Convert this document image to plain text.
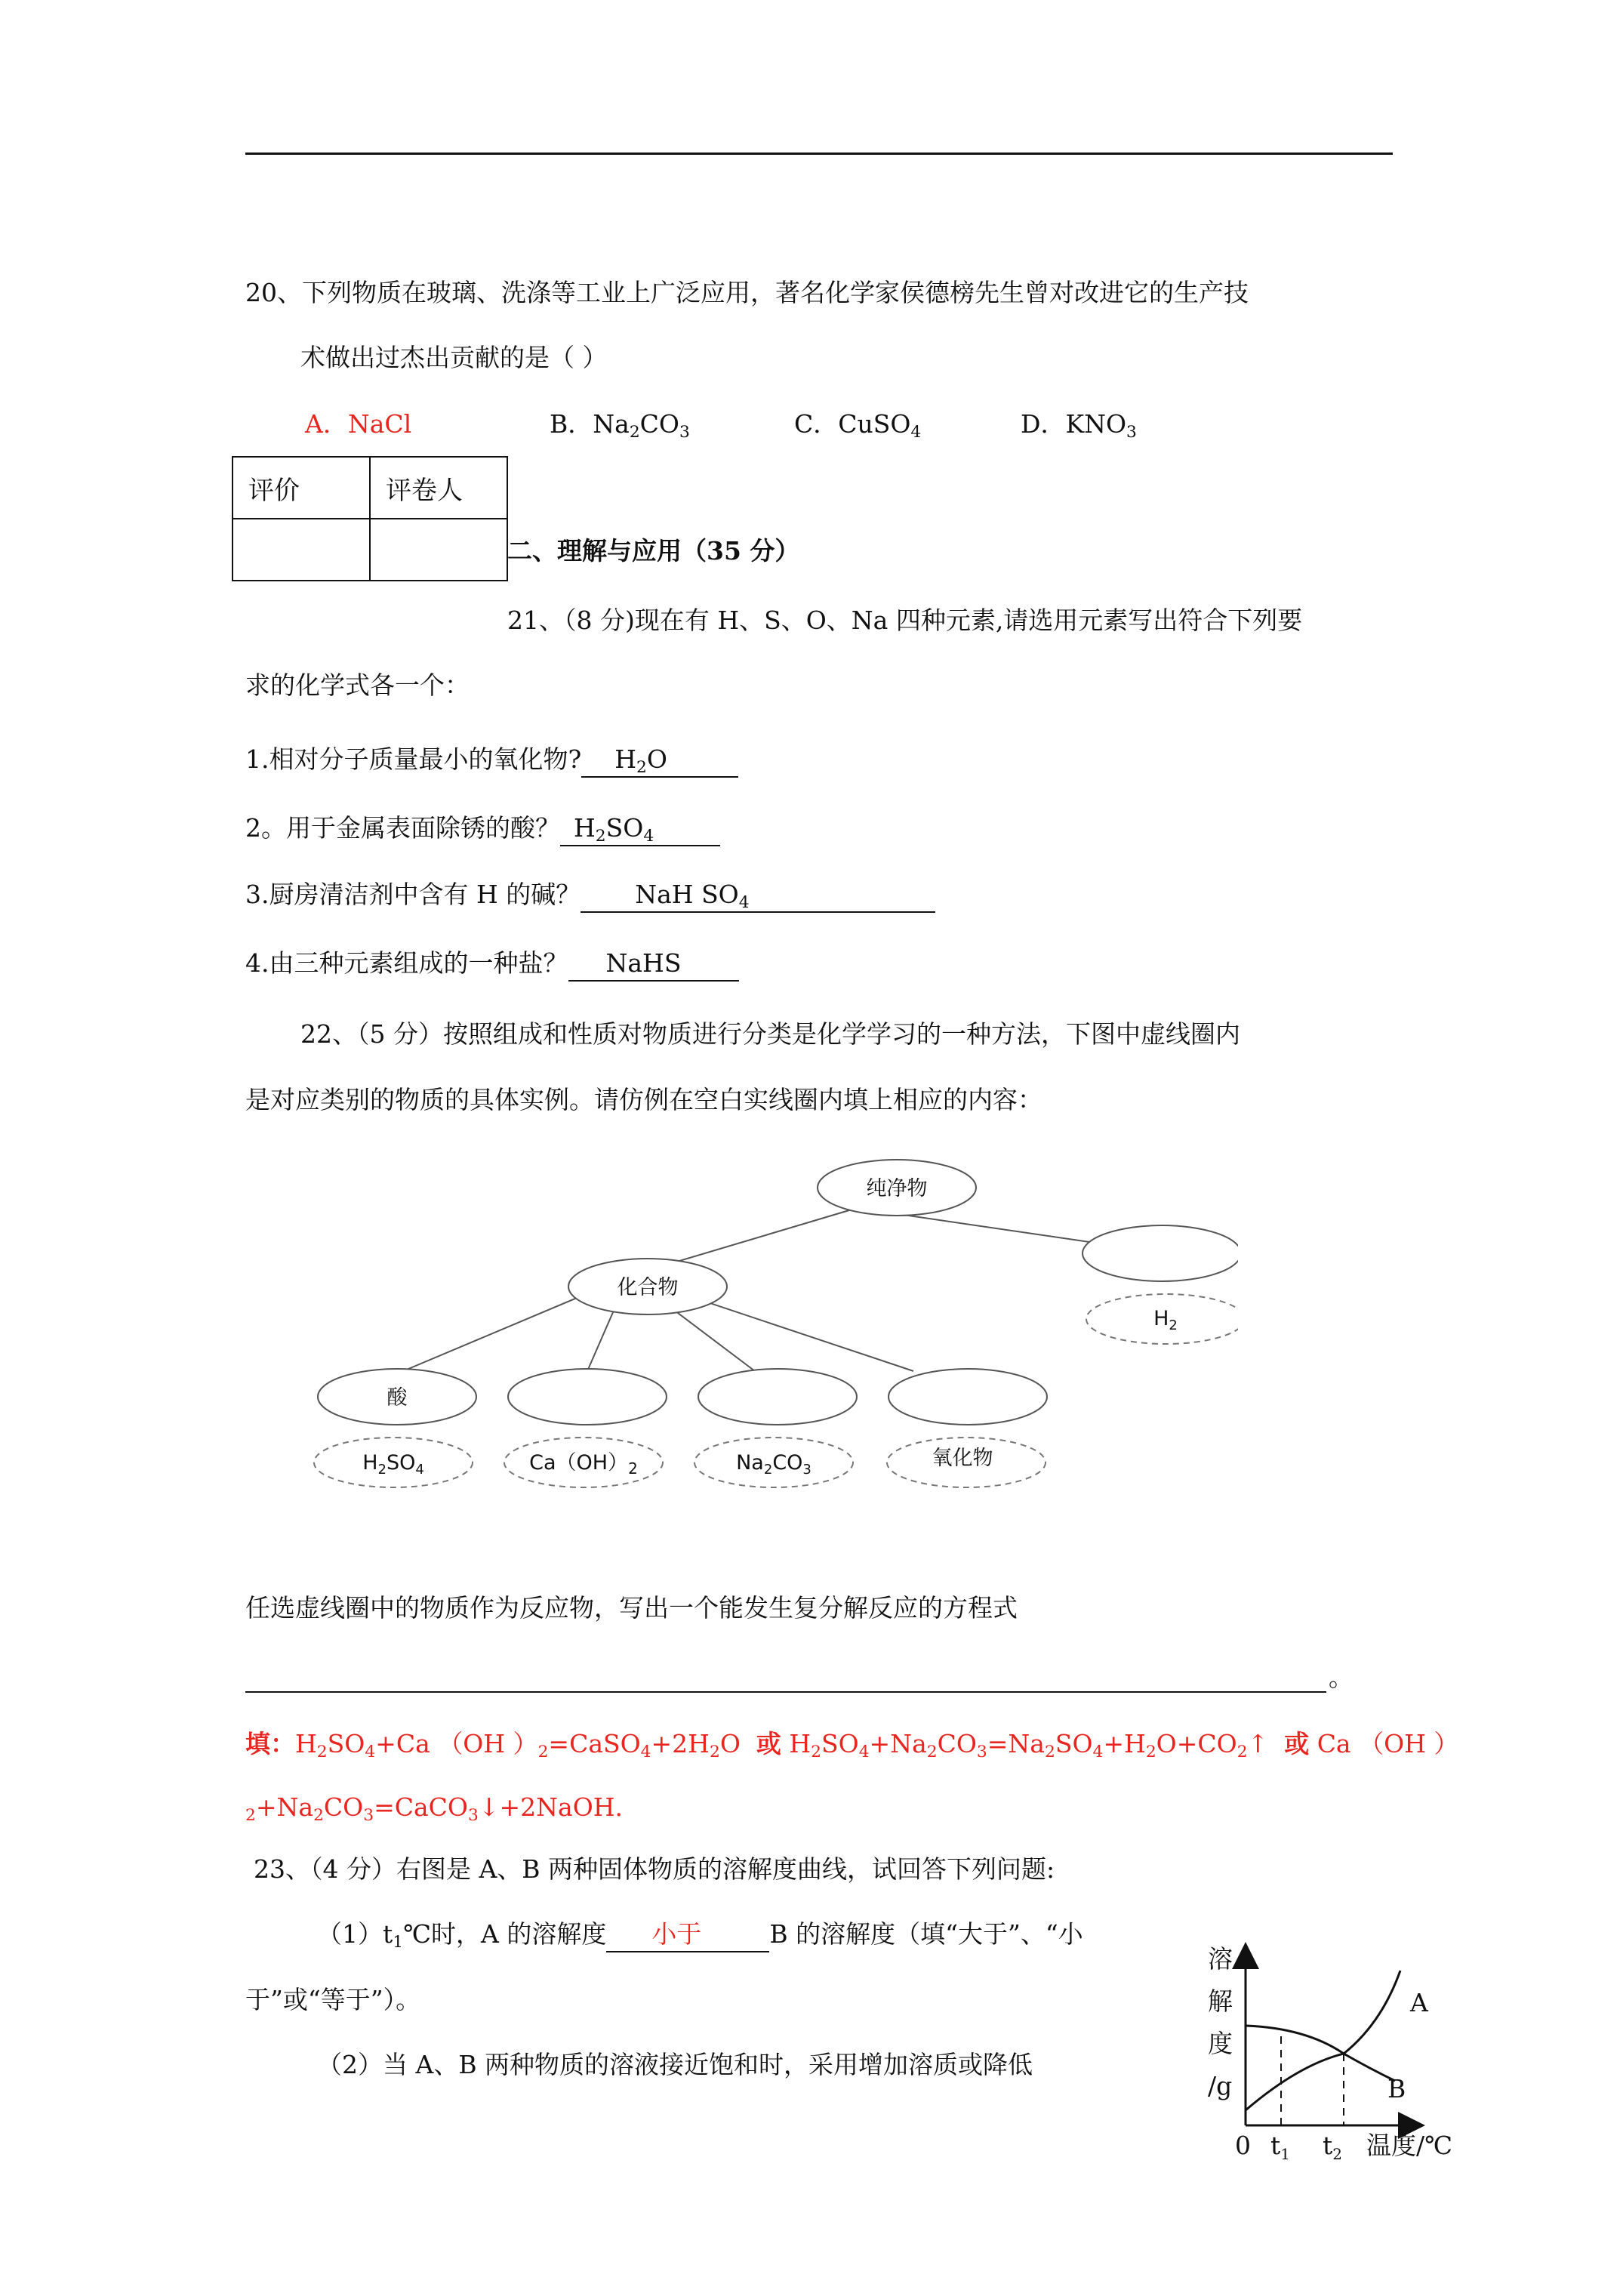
20、下列物质在玻璃、洗涤等工业上广泛应用，著名化学家侯德榜先生曾对改进它的生产技
术做出过杰出贡献的是（ ）
A．NaCl	B．$Na_2CO_3$	C．CuSO$_4$	D．$KNO_3$
评价	评卷人

二、理解与应用（35 分）
21、（8 分)现在有 H、S、O、Na 四种元素,请选用元素写出符合下列要
求的化学式各一个：
1.相对分子质量最小的氧化物? $H_2O$
2。用于金属表面除锈的酸？ $H_2SO_4$
3.厨房清洁剂中含有 H 的碱？ NaH $SO_4$
4.由三种元素组成的一种盐？ NaHS
22、（5 分）按照组成和性质对物质进行分类是化学学习的一种方法，下图中虚线圈内
是对应类别的物质的具体实例。请仿例在空白实线圈内填上相应的内容：
纯净物
化合物
酸
$H_2$
$H_2SO_4$	$Ca(OH)_2$	$Na_2CO_3$	氧化物
任选虚线圈中的物质作为反应物，写出一个能发生复分解反应的方程式
。
填：$H_2SO_4+Ca$ （OH ）$_2=CaSO_4+2H_2O$ 或 $H_2SO_4+Na_2CO_3=Na_2SO_4+H_2O+CO_2↑$ 或 Ca （OH ）
$_2+Na_2CO_3=CaCO_3↓+2NaOH$.
23、（4 分）右图是 A、B 两种固体物质的溶解度曲线，试回答下列问题:
$(1)t_1℃$时，A 的溶解度 小于	B 的溶解度（填“大于”、“小
于”或“等于”）。
（2）当 A、B 两种物质的溶液接近饱和时，采用增加溶质或降低
溶
解
度
/g
0 $t_1$ $t_2$ 温度/℃
A
B
